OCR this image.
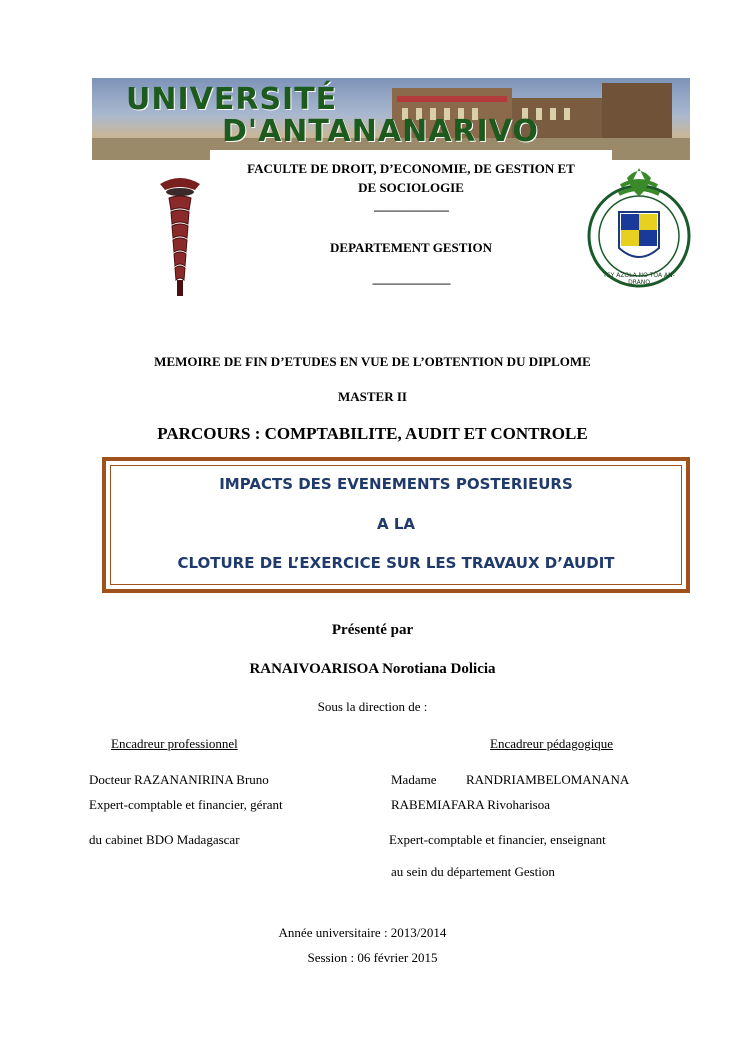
UNIVERSITÉ
D'ANTANANARIVO
FACULTE DE DROIT, D’ECONOMIE, DE GESTION ET
DE SOCIOLOGIE
-------------------------
DEPARTEMENT GESTION
--------------------------
TSY AZOLA NO TÔA AN-DRANO
MEMOIRE DE FIN D’ETUDES EN VUE DE L’OBTENTION DU DIPLOME
MASTER II
PARCOURS : COMPTABILITE, AUDIT ET CONTROLE
IMPACTS DES EVENEMENTS POSTERIEURS
A LA
CLOTURE DE L’EXERCICE SUR LES TRAVAUX D’AUDIT
Présenté par
RANAIVOARISOA Norotiana Dolicia
Sous la direction de :
Encadreur professionnel	Encadreur pédagogique
Docteur RAZANANIRINA Bruno
Expert-comptable et financier, gérant
du cabinet BDO Madagascar
Madame RANDRIAMBELOMANANA
RABEMIAFARA Rivoharisoa
Expert-comptable et financier, enseignant
au sein du département Gestion
Année universitaire : 2013/2014
Session : 06 février 2015
